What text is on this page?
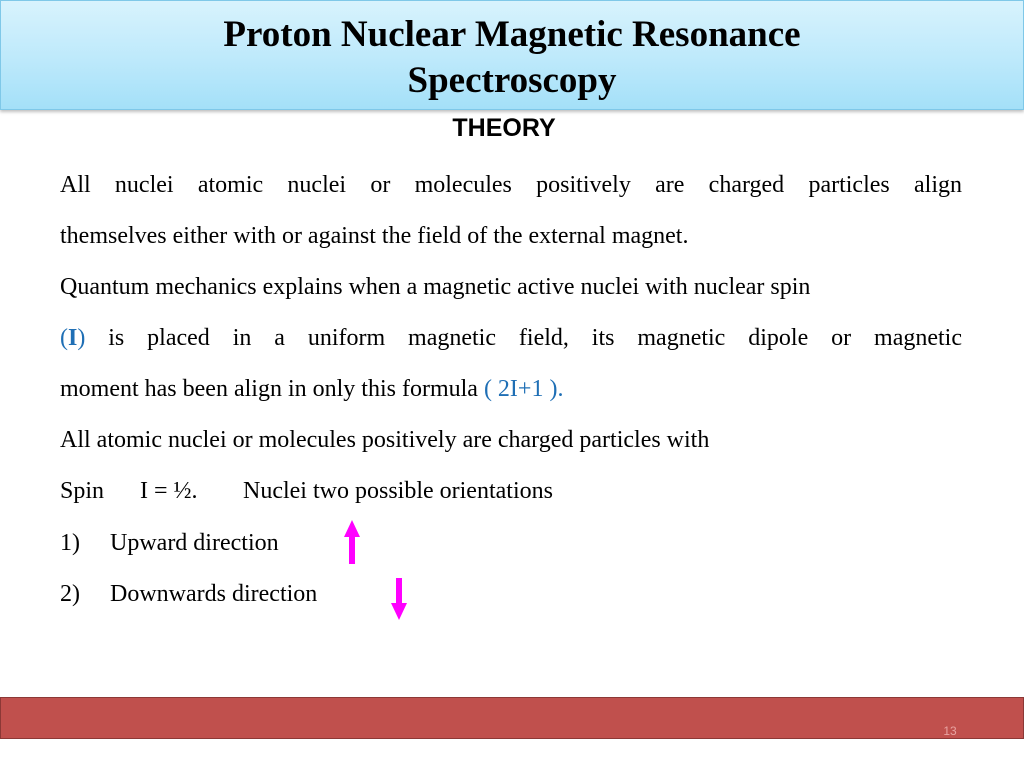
Proton Nuclear Magnetic Resonance
Spectroscopy
THEORY
All nuclei atomic nuclei or molecules positively are charged particles align
themselves either with or against the field of the external magnet.
Quantum mechanics explains when a magnetic active nuclei with nuclear spin
(I) is placed in a uniform magnetic field, its magnetic dipole or magnetic
moment has been align in only this formula ( 2I+1 ).
All atomic nuclei or molecules positively are charged particles with
Spin I = ½. Nuclei two possible orientations
1) Upward direction
2) Downwards direction
13
